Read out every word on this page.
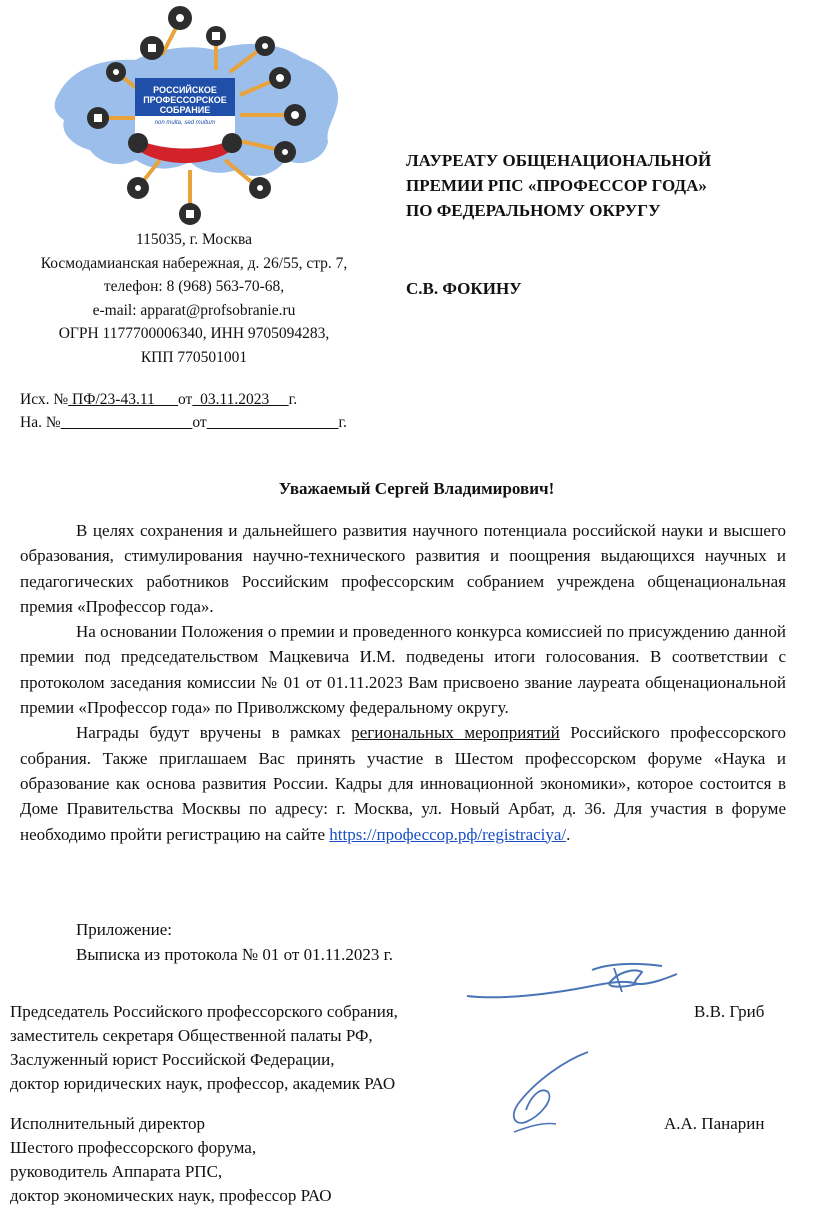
РОССИЙСКОЕ
ПРОФЕССОРСКОЕ
СОБРАНИЕ
non multa, sed multum
115035, г. Москва
Космодамианская набережная, д. 26/55, стр. 7,
телефон: 8 (968) 563-70-68,
e-mail: apparat@profsobranie.ru
ОГРН 1177700006340, ИНН 9705094283,
КПП 770501001
Исх. № ПФ/23-43.11      от  03.11.2023     г.
На. №	от	г.
ЛАУРЕАТУ ОБЩЕНАЦИОНАЛЬНОЙ
ПРЕМИИ РПС «ПРОФЕССОР ГОДА»
ПО ФЕДЕРАЛЬНОМУ ОКРУГУ
С.В. ФОКИНУ
Уважаемый Сергей Владимирович!

В целях сохранения и дальнейшего развития научного потенциала российской науки и высшего образования, стимулирования научно-технического развития и поощрения выдающихся научных и педагогических работников Российским профессорским собранием учреждена общенациональная премия «Профессор года».

На основании Положения о премии и проведенного конкурса комиссией по присуждению данной премии под председательством Мацкевича И.М. подведены итоги голосования. В соответствии с протоколом заседания комиссии № 01 от 01.11.2023 Вам присвоено звание лауреата общенациональной премии «Профессор года» по Приволжскому федеральному округу.

Награды будут вручены в рамках региональных мероприятий Российского профессорского собрания. Также приглашаем Вас принять участие в Шестом профессорском форуме «Наука и образование как основа развития России. Кадры для инновационной экономики», которое состоится в Доме Правительства Москвы по адресу: г. Москва, ул. Новый Арбат, д. 36. Для участия в форуме необходимо пройти регистрацию на сайте https://профессор.рф/registraciya/.

Приложение:
Выписка из протокола № 01 от 01.11.2023 г.
Председатель Российского профессорского собрания,
заместитель секретаря Общественной палаты РФ,
Заслуженный юрист Российской Федерации,
доктор юридических наук, профессор, академик РАО
В.В. Гриб
Исполнительный директор
Шестого профессорского форума,
руководитель Аппарата РПС,
доктор экономических наук, профессор РАО
А.А. Панарин
